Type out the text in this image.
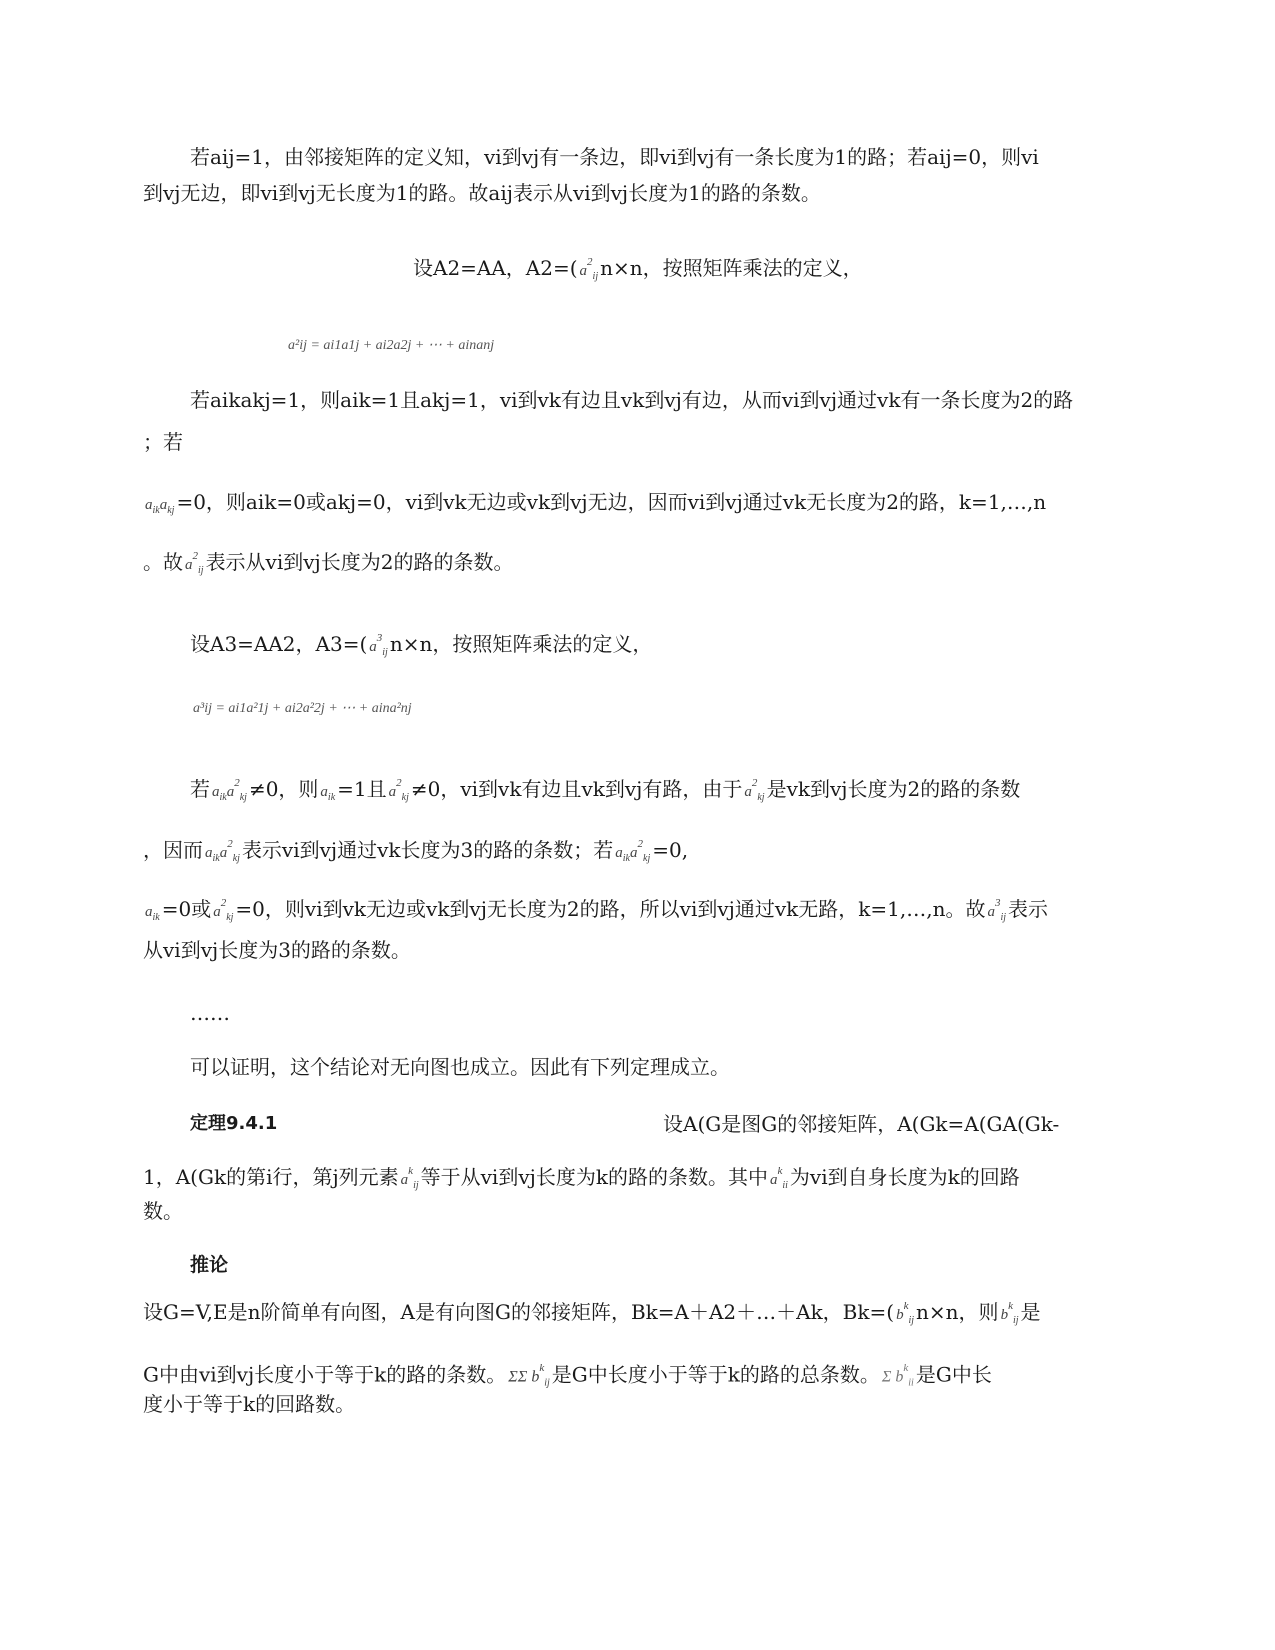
若aij=1，由邻接矩阵的定义知，vi到vj有一条边，即vi到vj有一条长度为1的路；若aij=0，则vi
到vj无边，即vi到vj无长度为1的路。故aij表示从vi到vj长度为1的路的条数。
设A2=AA，A2=( $a^2_{ij}$ n×n，按照矩阵乘法的定义，
a²ij = ai1a1j + ai2a2j + ⋯ + ainanj
若aikakj=1，则aik=1且akj=1，vi到vk有边且vk到vj有边，从而vi到vj通过vk有一条长度为2的路
；若
$a_{ik}a_{kj} =0$，则aik=0或akj=0，vi到vk无边或vk到vj无边，因而vi到vj通过vk无长度为2的路，k=1,…,n
。故 $a^2_{ij}$ 表示从vi到vj长度为2的路的条数。
设A3=AA2，A3=( $a^3_{ij}$ n×n，按照矩阵乘法的定义，
a³ij = ai1a²1j + ai2a²2j + ⋯ + aina²nj
若 $a_{ik}a^2_{kj} \ne 0$，则 $a_{ik} =1$且 $a^2_{kj} \ne 0$，vi到vk有边且vk到vj有路，由于 $a^2_{kj}$ 是vk到vj长度为2的路的条数
，因而 $a_{ik}a^2_{kj}$ 表示vi到vj通过vk长度为3的路的条数；若 $a_{ik}a^2_{kj} =0$,
$a_{ik} =0$或 $a^2_{kj} =0$，则vi到vk无边或vk到vj无长度为2的路，所以vi到vj通过vk无路，k=1,…,n。故 $a^3_{ij}$ 表示
从vi到vj长度为3的路的条数。
……
可以证明，这个结论对无向图也成立。因此有下列定理成立。
定理9.4.1	设A(G是图G的邻接矩阵，A(Gk=A(GA(Gk-
1，A(Gk的第i行，第j列元素 $a^k_{ij}$ 等于从vi到vj长度为k的路的条数。其中 $a^k_{ii}$ 为vi到自身长度为k的回路
数。
推论
设G=V,E是n阶简单有向图，A是有向图G的邻接矩阵，Bk=A＋A2＋…＋Ak，Bk=( $b^k_{ij}$ n×n，则 $b^k_{ij}$ 是
G中由vi到vj长度小于等于k的路的条数。 ΣΣ $b^k_{ij}$ 是G中长度小于等于k的路的总条数。 Σ $b^k_{ii}$ 是G中长
度小于等于k的回路数。
